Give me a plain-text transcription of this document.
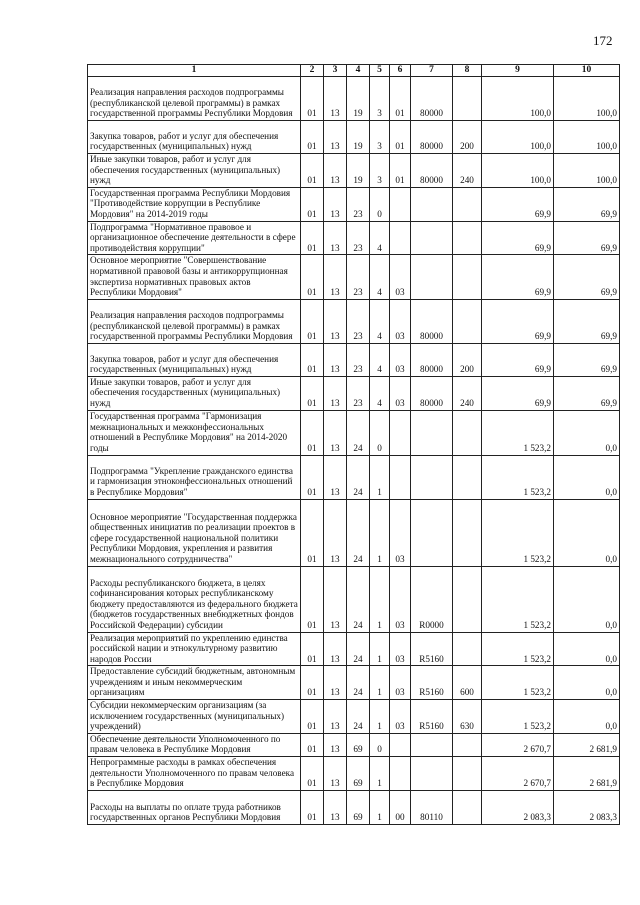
172
1	2	3	4	5	6	7	8	9	10
Реализация направления расходов подпрограммы (республиканской целевой программы) в рамках государственной программы Республики Мордовия	01	13	19	3	01	80000		100,0	100,0
Закупка товаров, работ и услуг для обеспечения государственных (муниципальных) нужд	01	13	19	3	01	80000	200	100,0	100,0
Иные закупки товаров, работ и услуг для обеспечения государственных (муниципальных) нужд	01	13	19	3	01	80000	240	100,0	100,0
Государственная программа Республики Мордовия "Противодействие коррупции в Республике Мордовия" на 2014-2019 годы	01	13	23	0				69,9	69,9
Подпрограмма "Нормативное правовое и организационное обеспечение деятельности в сфере противодействия коррупции"	01	13	23	4				69,9	69,9
Основное мероприятие "Совершенствование нормативной правовой базы и антикоррупционная экспертиза нормативных правовых актов Республики Мордовия"	01	13	23	4	03			69,9	69,9
Реализация направления расходов подпрограммы (республиканской целевой программы) в рамках государственной программы Республики Мордовия	01	13	23	4	03	80000		69,9	69,9
Закупка товаров, работ и услуг для обеспечения государственных (муниципальных) нужд	01	13	23	4	03	80000	200	69,9	69,9
Иные закупки товаров, работ и услуг для обеспечения государственных (муниципальных) нужд	01	13	23	4	03	80000	240	69,9	69,9
Государственная программа "Гармонизация межнациональных и межконфессиональных отношений в Республике Мордовия" на 2014-2020 годы	01	13	24	0				1 523,2	0,0
Подпрограмма "Укрепление гражданского единства и гармонизация этноконфессиональных отношений в Республике Мордовия"	01	13	24	1				1 523,2	0,0
Основное мероприятие "Государственная поддержка общественных инициатив по реализации проектов в сфере государственной национальной политики Республики Мордовия, укрепления и развития межнационального сотрудничества"	01	13	24	1	03			1 523,2	0,0
Расходы республиканского бюджета, в целях софинансирования которых республиканскому бюджету предоставляются из федерального бюджета (бюджетов государственных внебюджетных фондов Российской Федерации) субсидии	01	13	24	1	03	R0000		1 523,2	0,0
Реализация мероприятий по укреплению единства российской нации и этнокультурному развитию народов России	01	13	24	1	03	R5160		1 523,2	0,0
Предоставление субсидий бюджетным, автономным учреждениям и иным некоммерческим организациям	01	13	24	1	03	R5160	600	1 523,2	0,0
Субсидии некоммерческим организациям (за исключением государственных (муниципальных) учреждений)	01	13	24	1	03	R5160	630	1 523,2	0,0
Обеспечение деятельности Уполномоченного по правам человека в Республике Мордовия	01	13	69	0				2 670,7	2 681,9
Непрограммные расходы в рамках обеспечения деятельности Уполномоченного по правам человека в Республике Мордовия	01	13	69	1				2 670,7	2 681,9
Расходы на выплаты по оплате труда работников государственных органов Республики Мордовия	01	13	69	1	00	80110		2 083,3	2 083,3
